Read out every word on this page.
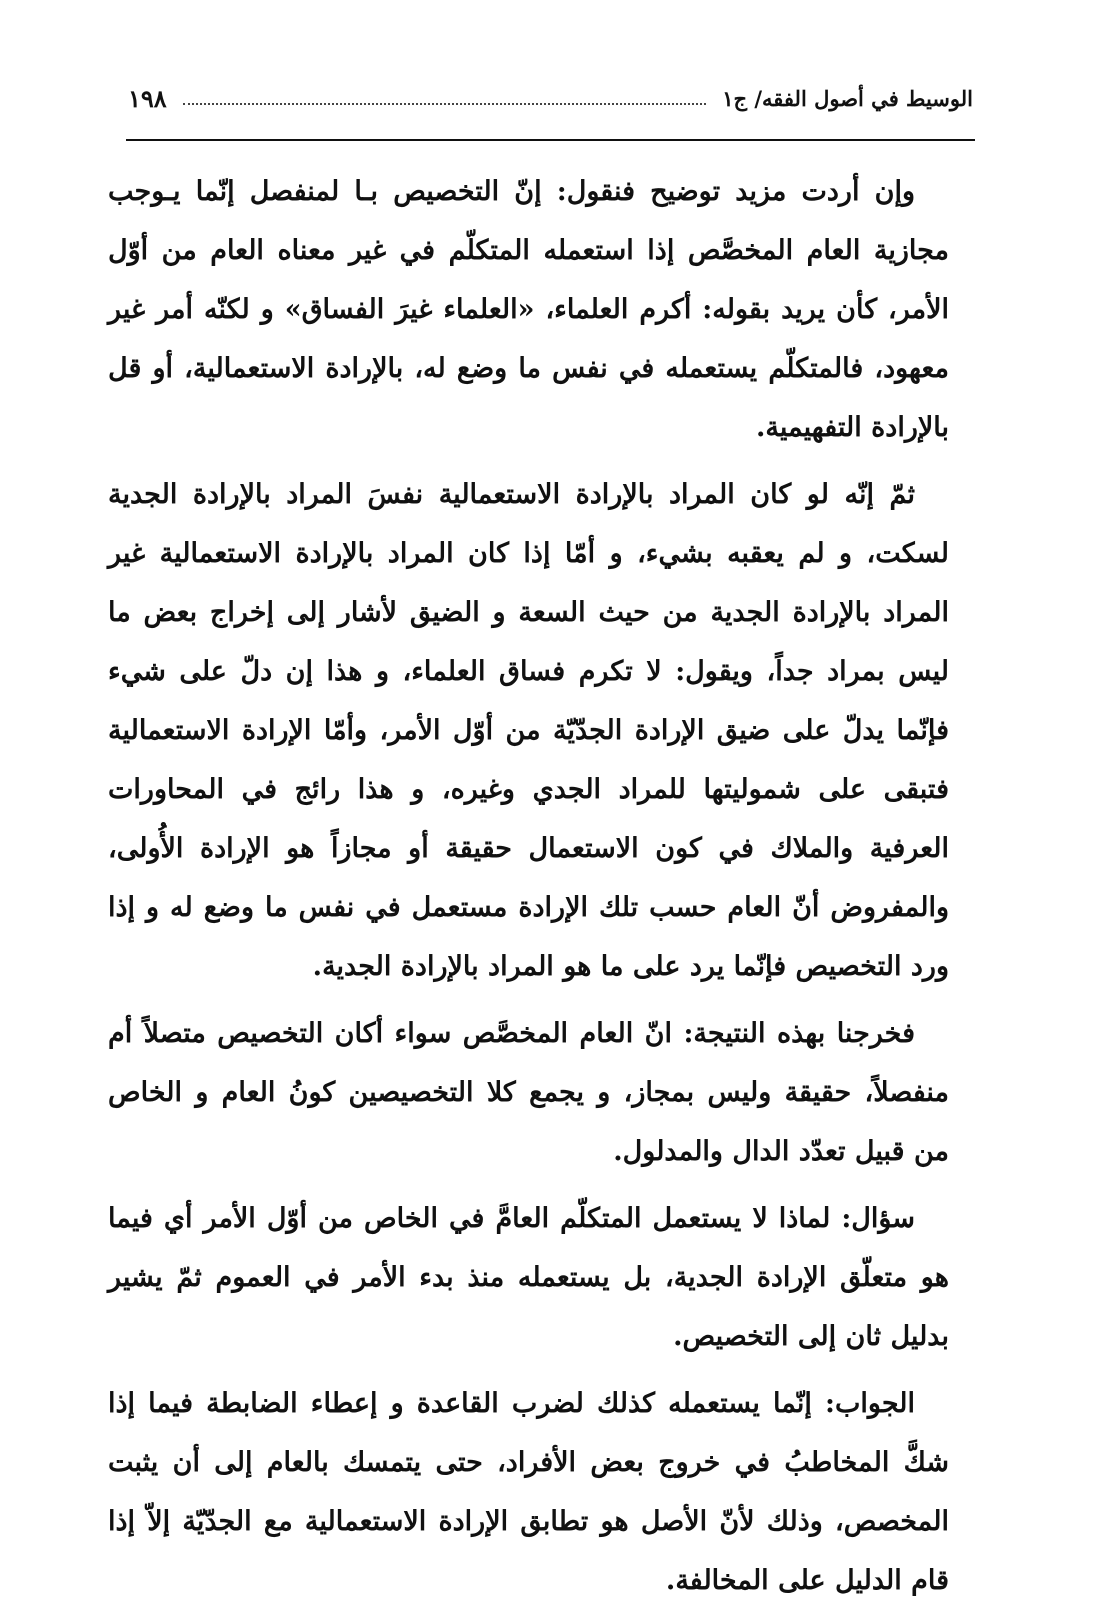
الوسيط في أصول الفقه/ ج١
١٩٨

وإن أردت مزيد توضيح فنقول: إنّ التخصيص بـا لمنفصل إنّما يـوجب مجازية العام المخصَّص إذا استعمله المتكلّم في غير معناه العام من أوّل الأمر، كأن يريد بقوله: أكرم العلماء، «العلماء غيرَ الفساق» و لكنّه أمر غير معهود، فالمتكلّم يستعمله في نفس ما وضع له، بالإرادة الاستعمالية، أو قل بالإرادة التفهيمية.

ثمّ إنّه لو كان المراد بالإرادة الاستعمالية نفسَ المراد بالإرادة الجدية لسكت، و لم يعقبه بشيء، و أمّا إذا كان المراد بالإرادة الاستعمالية غير المراد بالإرادة الجدية من حيث السعة و الضيق لأشار إلى إخراج بعض ما ليس بمراد جداً، ويقول: لا تكرم فساق العلماء، و هذا إن دلّ على شيء فإنّما يدلّ على ضيق الإرادة الجدّيّة من أوّل الأمر، وأمّا الإرادة الاستعمالية فتبقى على شموليتها للمراد الجدي وغيره، و هذا رائج في المحاورات العرفية والملاك في كون الاستعمال حقيقة أو مجازاً هو الإرادة الأُولى، والمفروض أنّ العام حسب تلك الإرادة مستعمل في نفس ما وضع له و إذا ورد التخصيص فإنّما يرد على ما هو المراد بالإرادة الجدية.

فخرجنا بهذه النتيجة: انّ العام المخصَّص سواء أكان التخصيص متصلاً أم منفصلاً، حقيقة وليس بمجاز، و يجمع كلا التخصيصين كونُ العام و الخاص من قبيل تعدّد الدال والمدلول.

سؤال: لماذا لا يستعمل المتكلّم العامَّ في الخاص من أوّل الأمر أي فيما هو متعلّق الإرادة الجدية، بل يستعمله منذ بدء الأمر في العموم ثمّ يشير بدليل ثان إلى التخصيص.

الجواب: إنّما يستعمله كذلك لضرب القاعدة و إعطاء الضابطة فيما إذا شكَّ المخاطبُ في خروج بعض الأفراد، حتى يتمسك بالعام إلى أن يثبت المخصص، وذلك لأنّ الأصل هو تطابق الإرادة الاستعمالية مع الجدّيّة إلاّ إذا قام الدليل على المخالفة.
